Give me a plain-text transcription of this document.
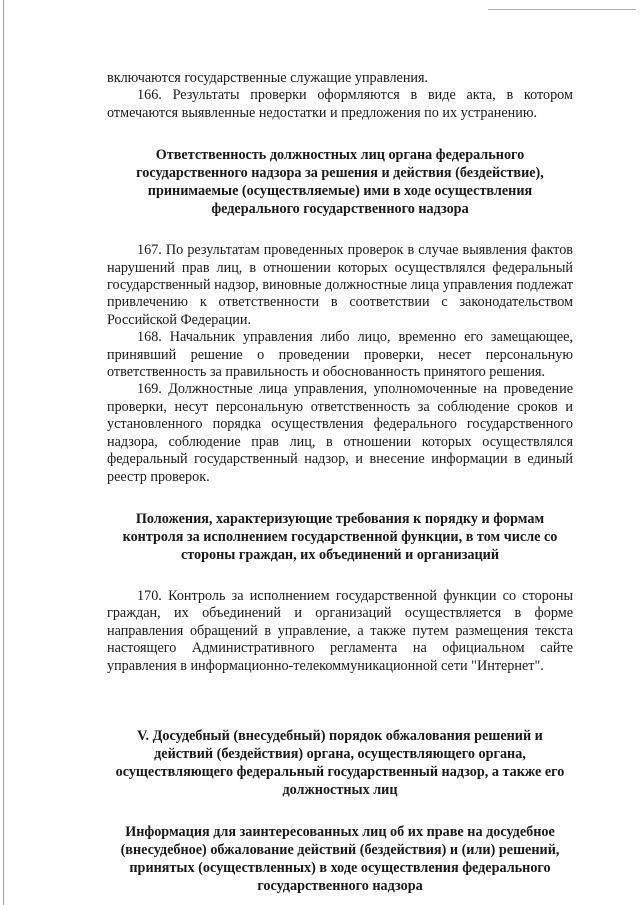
включаются государственные служащие управления.

166. Результаты проверки оформляются в виде акта, в котором отмечаются выявленные недостатки и предложения по их устранению.

Ответственность должностных лиц органа федерального государственного надзора за решения и действия (бездействие), принимаемые (осуществляемые) ими в ходе осуществления федерального государственного надзора

167. По результатам проведенных проверок в случае выявления фактов нарушений прав лиц, в отношении которых осуществлялся федеральный государственный надзор, виновные должностные лица управления подлежат привлечению к ответственности в соответствии с законодательством Российской Федерации.

168. Начальник управления либо лицо, временно его замещающее, принявший решение о проведении проверки, несет персональную ответственность за правильность и обоснованность принятого решения.

169. Должностные лица управления, уполномоченные на проведение проверки, несут персональную ответственность за соблюдение сроков и установленного порядка осуществления федерального государственного надзора, соблюдение прав лиц, в отношении которых осуществлялся федеральный государственный надзор, и внесение информации в единый реестр проверок.

Положения, характеризующие требования к порядку и формам контроля за исполнением государственной функции, в том числе со стороны граждан, их объединений и организаций

170. Контроль за исполнением государственной функции со стороны граждан, их объединений и организаций осуществляется в форме направления обращений в управление, а также путем размещения текста настоящего Административного регламента на официальном сайте управления в информационно-телекоммуникационной сети "Интернет".

V. Досудебный (внесудебный) порядок обжалования решений и действий (бездействия) органа, осуществляющего органа, осуществляющего федеральный государственный надзор, а также его должностных лиц
Информация для заинтересованных лиц об их праве на досудебное (внесудебное) обжалование действий (бездействия) и (или) решений, принятых (осуществленных) в ходе осуществления федерального государственного надзора
